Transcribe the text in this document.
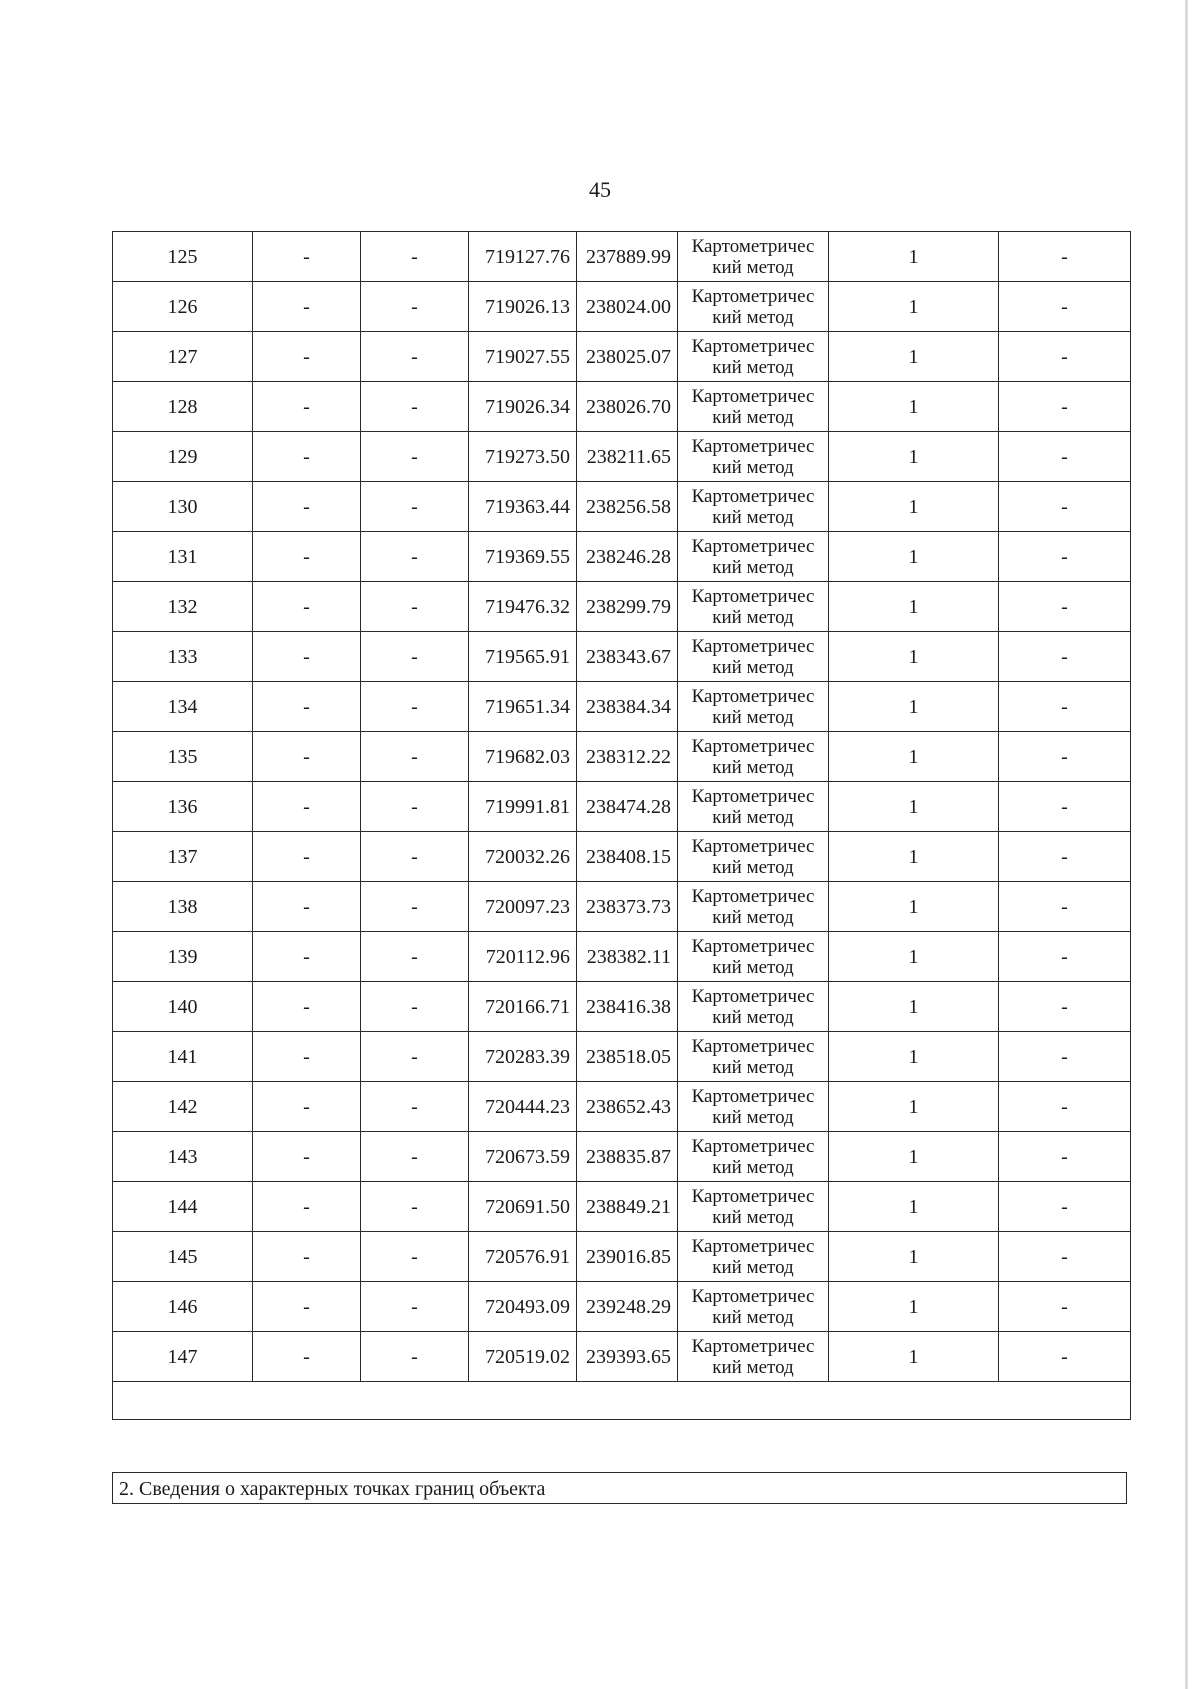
45
125	-	-	719127.76	237889.99	Картометричес
кий метод	1	-
126	-	-	719026.13	238024.00	Картометричес
кий метод	1	-
127	-	-	719027.55	238025.07	Картометричес
кий метод	1	-
128	-	-	719026.34	238026.70	Картометричес
кий метод	1	-
129	-	-	719273.50	238211.65	Картометричес
кий метод	1	-
130	-	-	719363.44	238256.58	Картометричес
кий метод	1	-
131	-	-	719369.55	238246.28	Картометричес
кий метод	1	-
132	-	-	719476.32	238299.79	Картометричес
кий метод	1	-
133	-	-	719565.91	238343.67	Картометричес
кий метод	1	-
134	-	-	719651.34	238384.34	Картометричес
кий метод	1	-
135	-	-	719682.03	238312.22	Картометричес
кий метод	1	-
136	-	-	719991.81	238474.28	Картометричес
кий метод	1	-
137	-	-	720032.26	238408.15	Картометричес
кий метод	1	-
138	-	-	720097.23	238373.73	Картометричес
кий метод	1	-
139	-	-	720112.96	238382.11	Картометричес
кий метод	1	-
140	-	-	720166.71	238416.38	Картометричес
кий метод	1	-
141	-	-	720283.39	238518.05	Картометричес
кий метод	1	-
142	-	-	720444.23	238652.43	Картометричес
кий метод	1	-
143	-	-	720673.59	238835.87	Картометричес
кий метод	1	-
144	-	-	720691.50	238849.21	Картометричес
кий метод	1	-
145	-	-	720576.91	239016.85	Картометричес
кий метод	1	-
146	-	-	720493.09	239248.29	Картометричес
кий метод	1	-
147	-	-	720519.02	239393.65	Картометричес
кий метод	1	-

2. Сведения о характерных точках границ объекта
